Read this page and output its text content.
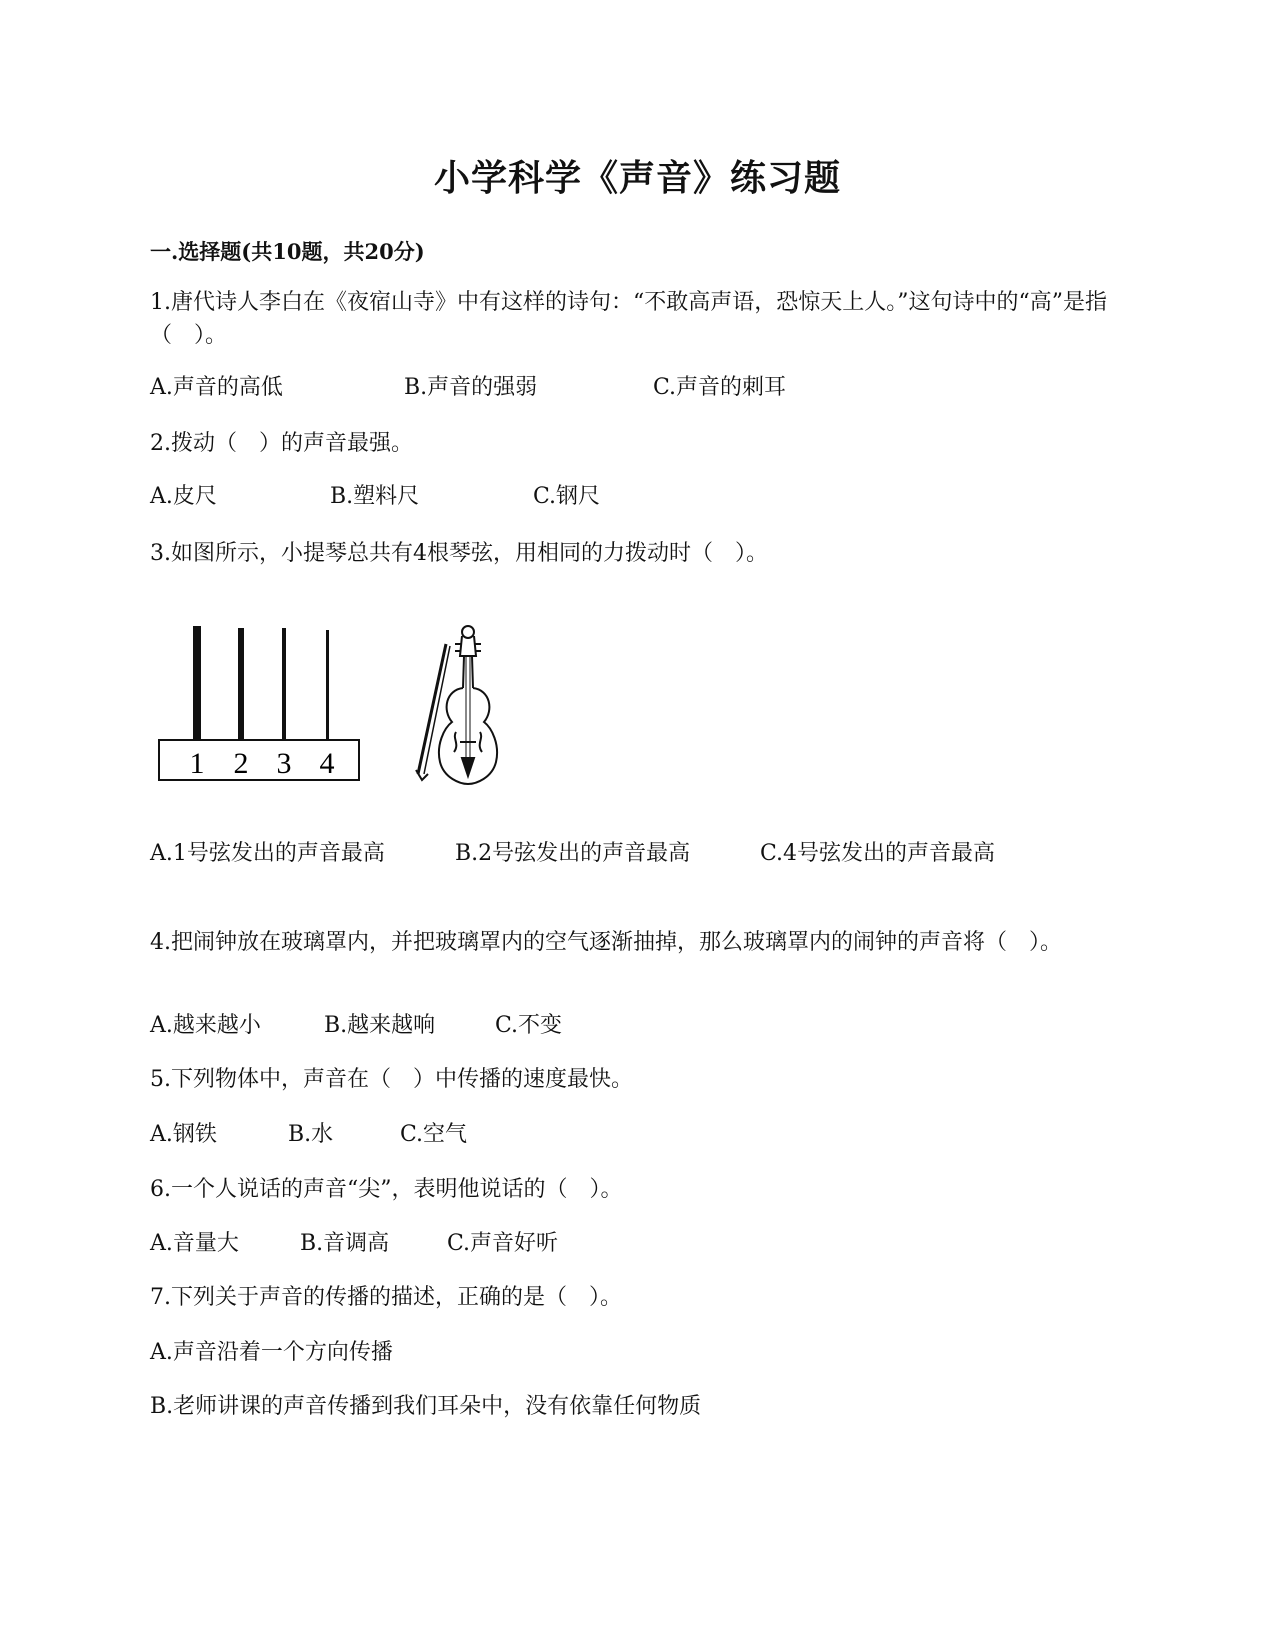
小学科学《声音》练习题
一.选择题(共10题，共20分)
1.唐代诗人李白在《夜宿山寺》中有这样的诗句：“不敢高声语，恐惊天上人。”这句诗中的“高”是指（　）。
A.声音的高低	B.声音的强弱	C.声音的刺耳
2.拨动（　）的声音最强。
A.皮尺	B.塑料尺	C.钢尺
3.如图所示，小提琴总共有4根琴弦，用相同的力拨动时（　）。
1 2 3 4
A.1号弦发出的声音最高	B.2号弦发出的声音最高	C.4号弦发出的声音最高
4.把闹钟放在玻璃罩内，并把玻璃罩内的空气逐渐抽掉，那么玻璃罩内的闹钟的声音将（　）。
A.越来越小	B.越来越响	C.不变
5.下列物体中，声音在（　）中传播的速度最快。
A.钢铁	B.水	C.空气
6.一个人说话的声音“尖”，表明他说话的（　）。
A.音量大	B.音调高	C.声音好听
7.下列关于声音的传播的描述，正确的是（　）。
A.声音沿着一个方向传播
B.老师讲课的声音传播到我们耳朵中，没有依靠任何物质
